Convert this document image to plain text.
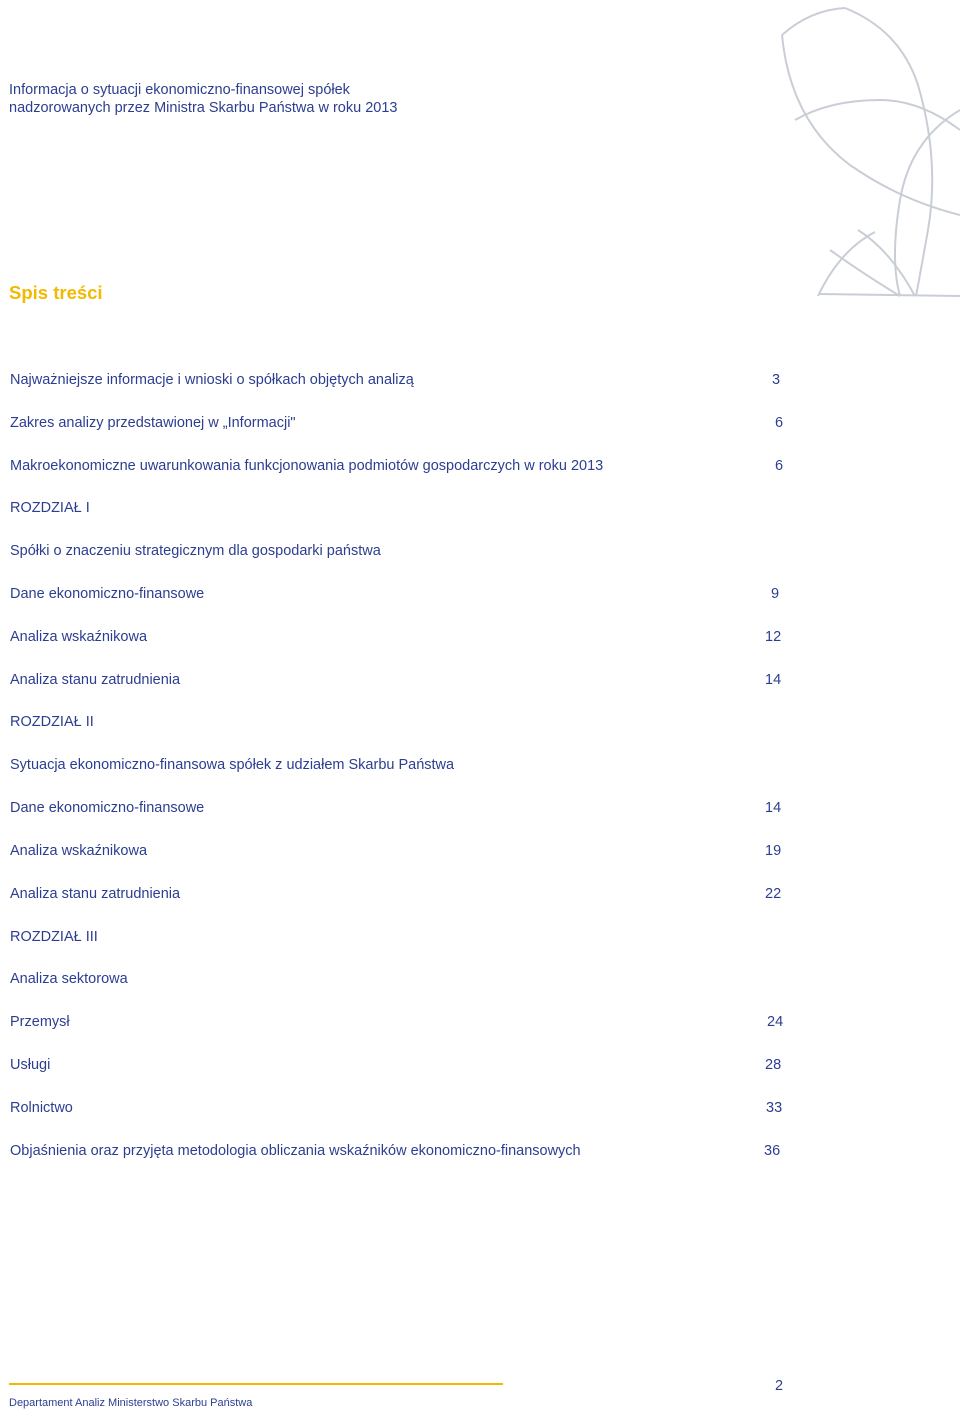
Informacja o sytuacji ekonomiczno-finansowej spółek
nadzorowanych przez Ministra Skarbu Państwa w roku 2013
Spis treści
Najważniejsze informacje i wnioski o spółkach objętych analizą	3
Zakres analizy przedstawionej w „Informacji"	6
Makroekonomiczne uwarunkowania funkcjonowania podmiotów gospodarczych w roku 2013	6
ROZDZIAŁ I
Spółki o znaczeniu strategicznym dla gospodarki państwa
Dane ekonomiczno-finansowe	9
Analiza wskaźnikowa	12
Analiza stanu zatrudnienia	14
ROZDZIAŁ II
Sytuacja ekonomiczno-finansowa spółek z udziałem Skarbu Państwa
Dane ekonomiczno-finansowe	14
Analiza wskaźnikowa	19
Analiza stanu zatrudnienia	22
ROZDZIAŁ III
Analiza sektorowa
Przemysł	24
Usługi	28
Rolnictwo	33
Objaśnienia oraz przyjęta metodologia obliczania wskaźników ekonomiczno-finansowych	36
Departament Analiz Ministerstwo Skarbu Państwa
2
